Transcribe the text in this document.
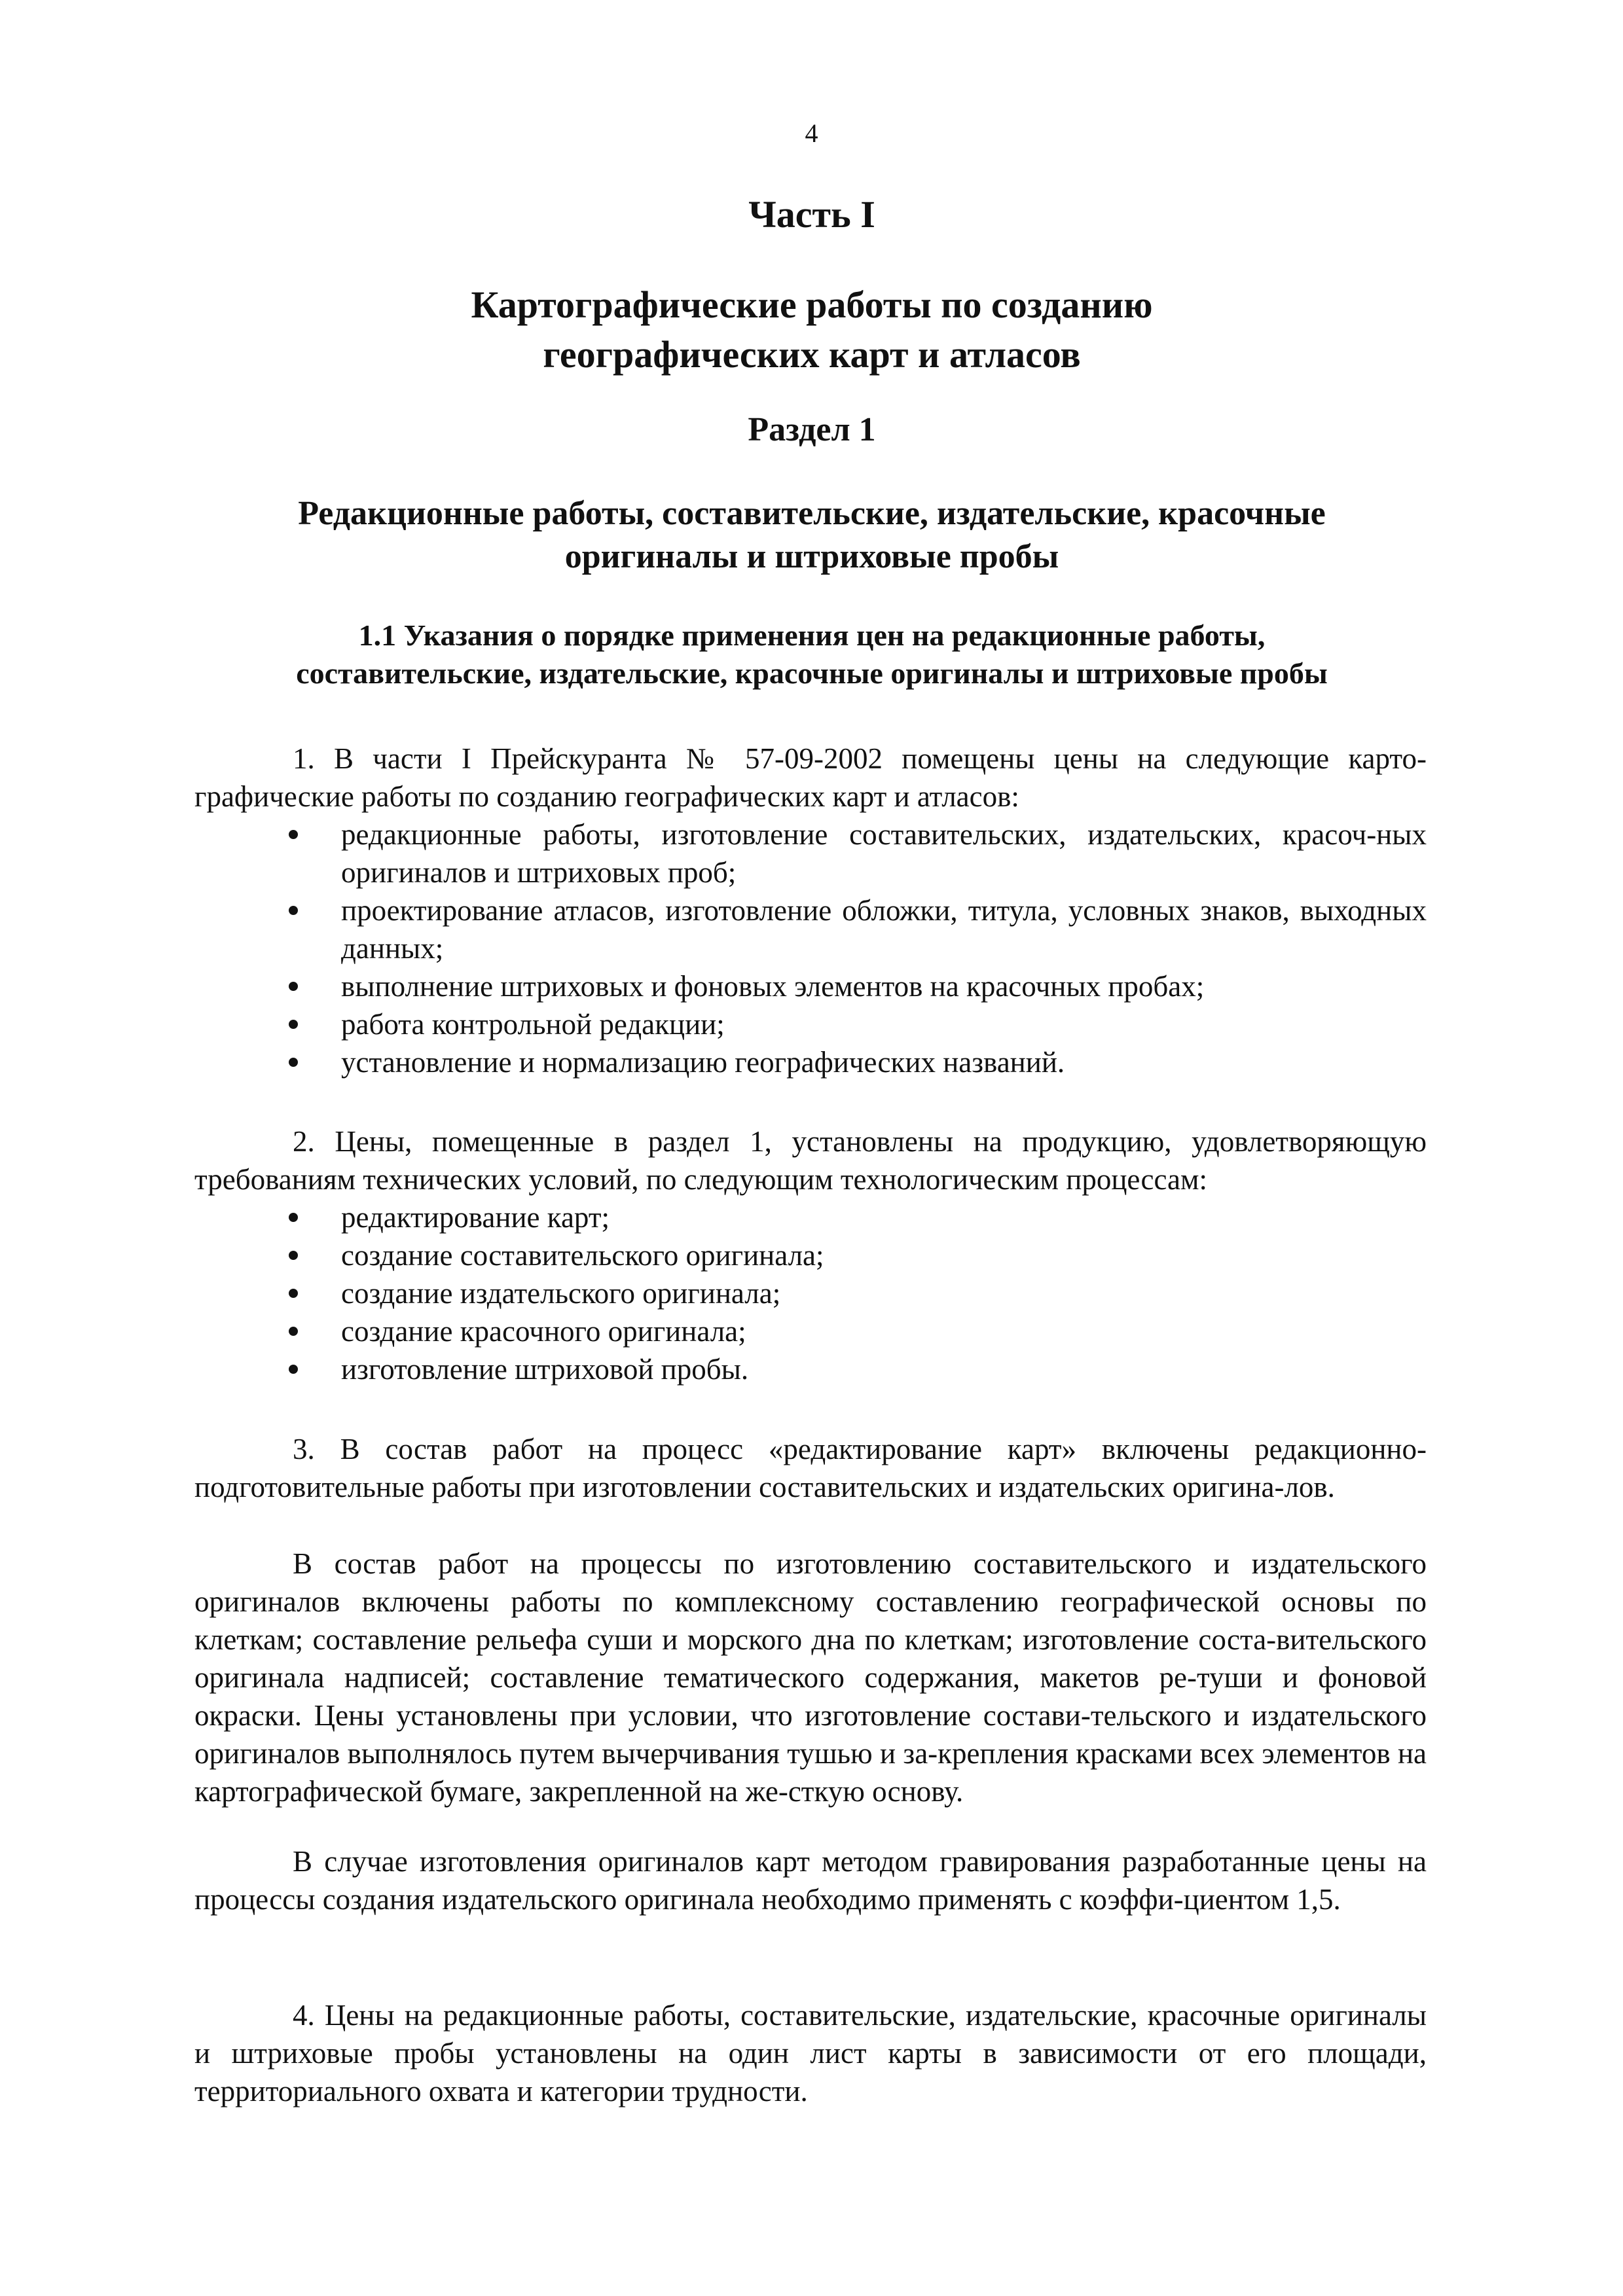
4
Часть I
Картографические работы по созданию
географических карт и атласов
Раздел 1
Редакционные работы, составительские, издательские, красочные
оригиналы и штриховые пробы
1.1 Указания о порядке применения цен на редакционные работы,
составительские, издательские, красочные оригиналы и штриховые пробы

1. В части I Прейскуранта № 57-09-2002 помещены цены на следующие карто-графические работы по созданию географических карт и атласов:

редакционные работы, изготовление составительских, издательских, красоч-ных оригиналов и штриховых проб;
проектирование атласов, изготовление обложки, титула, условных знаков, выходных данных;
выполнение штриховых и фоновых элементов на красочных пробах;
работа контрольной редакции;
установление и нормализацию географических названий.

2. Цены, помещенные в раздел 1, установлены на продукцию, удовлетворяющую требованиям технических условий, по следующим технологическим процессам:

редактирование карт;
создание составительского оригинала;
создание издательского оригинала;
создание красочного оригинала;
изготовление штриховой пробы.

3. В состав работ на процесс «редактирование карт» включены редакционно-подготовительные работы при изготовлении составительских и издательских оригина-лов.

В состав работ на процессы по изготовлению составительского и издательского оригиналов включены работы по комплексному составлению географической основы по клеткам; составление рельефа суши и морского дна по клеткам; изготовление соста-вительского оригинала надписей; составление тематического содержания, макетов ре-туши и фоновой окраски. Цены установлены при условии, что изготовление состави-тельского и издательского оригиналов выполнялось путем вычерчивания тушью и за-крепления красками всех элементов на картографической бумаге, закрепленной на же-сткую основу.

В случае изготовления оригиналов карт методом гравирования разработанные цены на процессы создания издательского оригинала необходимо применять с коэффи-циентом 1,5.

4. Цены на редакционные работы, составительские, издательские, красочные оригиналы и штриховые пробы установлены на один лист карты в зависимости от его площади, территориального охвата и категории трудности.
